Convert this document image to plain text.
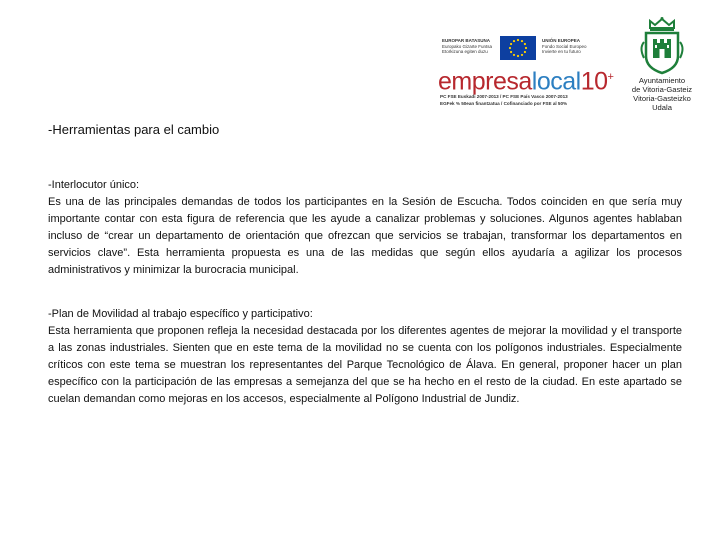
EUROPAR BATASUNA
Europako Gizarte Funtsa
Etorkizuna egiten duzu
UNIÓN EUROPEA
Fondo Social Europeo
Invierte en tu futuro
empresalocal10+
PC FSE Euskadi 2007-2013 / PC FSE País Vasco 2007-2013
EGFek % 50ean finantzatua / Cofinanciado por FSE al 50%
Ayuntamiento
de Vitoria-Gasteiz
Vitoria-Gasteizko
Udala
-Herramientas para el cambio

-Interlocutor único:

Es una de las principales demandas de todos los participantes en la Sesión de Escucha. Todos coinciden en que sería muy importante contar con esta figura de referencia que les ayude a canalizar problemas y soluciones. Algunos agentes hablaban incluso de “crear un departamento de orientación que ofrezcan que servicios se trabajan, transformar los departamentos en servicios clave”. Esta herramienta propuesta es una de las medidas que según ellos ayudaría a agilizar los procesos administrativos y minimizar la burocracia municipal.

-Plan de Movilidad al trabajo específico y participativo:

Esta herramienta que proponen refleja la necesidad destacada por los diferentes agentes de mejorar la movilidad y el transporte a las zonas industriales. Sienten que en este tema de la movilidad no se cuenta con los polígonos industriales. Especialmente críticos con este tema se muestran los representantes del Parque Tecnológico de Álava. En general, proponer hacer un plan específico con la participación de las empresas a semejanza del que se ha hecho en el resto de la ciudad. En este apartado se cuelan demandan como mejoras en los accesos, especialmente al Polígono Industrial de Jundiz.
